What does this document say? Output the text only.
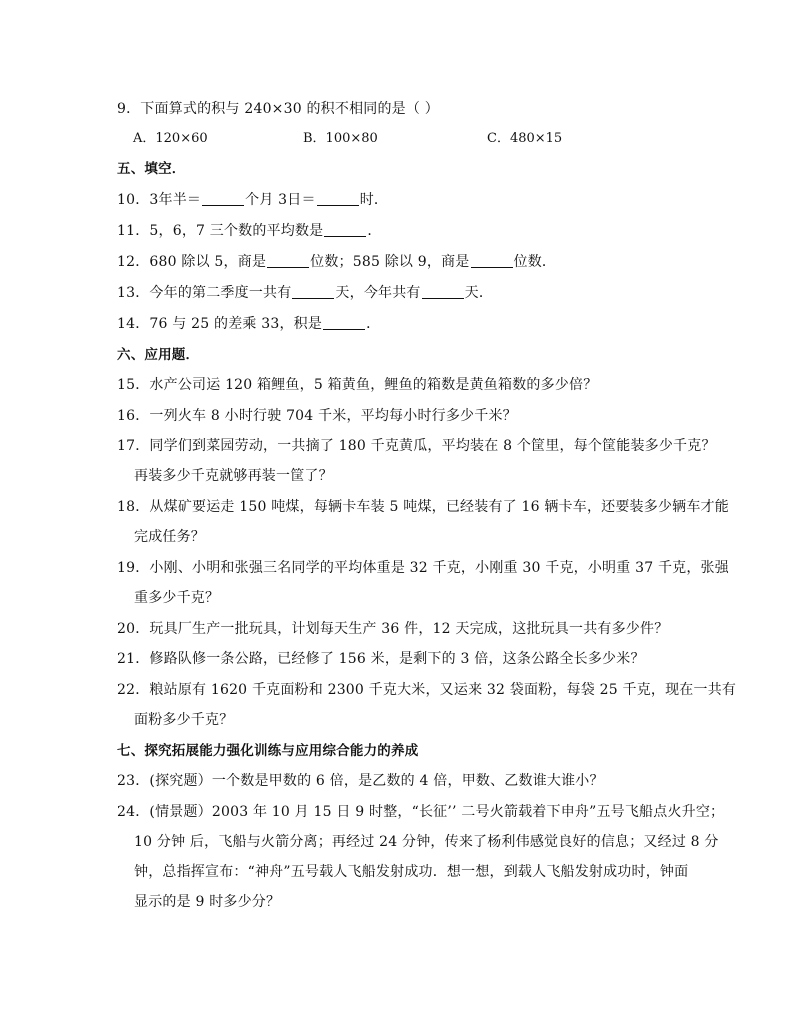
9．下面算式的积与 240×30 的积不相同的是（ ）
A．120×60	B．100×80	C．480×15
五、填空．
10．3年半＝	个月 3日＝	时．
11．5，6，7 三个数的平均数是	．
12．680 除以 5，商是	位数；585 除以 9，商是	位数．
13．今年的第二季度一共有	天，今年共有	天．
14．76 与 25 的差乘 33，积是	．
六、应用题．
15．水产公司运 120 箱鲤鱼，5 箱黄鱼，鲤鱼的箱数是黄鱼箱数的多少倍？
16．一列火车 8 小时行驶 704 千米，平均每小时行多少千米？
17．同学们到菜园劳动，一共摘了 180 千克黄瓜，平均装在 8 个筐里，每个筐能装多少千克？
再装多少千克就够再装一筐了？
18．从煤矿要运走 150 吨煤，每辆卡车装 5 吨煤，已经装有了 16 辆卡车，还要装多少辆车才能
完成任务？
19．小刚、小明和张强三名同学的平均体重是 32 千克，小刚重 30 千克，小明重 37 千克，张强
重多少千克？
20．玩具厂生产一批玩具，计划每天生产 36 件，12 天完成，这批玩具一共有多少件？
21．修路队修一条公路，已经修了 156 米，是剩下的 3 倍，这条公路全长多少米？
22．粮站原有 1620 千克面粉和 2300 千克大米，又运来 32 袋面粉，每袋 25 千克，现在一共有
面粉多少千克？
七、探究拓展能力强化训练与应用综合能力的养成
23．(探究题）一个数是甲数的 6 倍，是乙数的 4 倍，甲数、乙数谁大谁小？
24．(情景题）2003 年 10 月 15 日 9 时整，“长征’’ 二号火箭载着下申舟”五号飞船点火升空；
10 分钟 后，飞船与火箭分离；再经过 24 分钟，传来了杨利伟感觉良好的信息；又经过 8 分
钟，总指挥宣布：“神舟”五号载人飞船发射成功．想一想，到载人飞船发射成功时，钟面
显示的是 9 时多少分？
